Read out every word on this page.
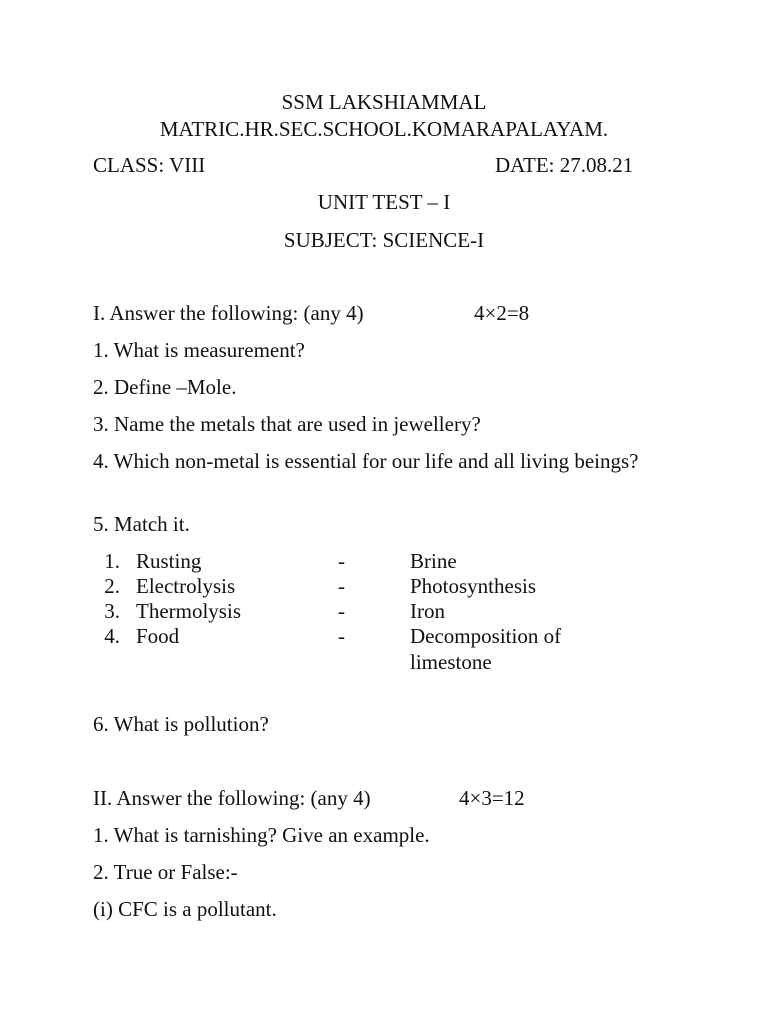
SSM LAKSHIAMMAL
MATRIC.HR.SEC.SCHOOL.KOMARAPALAYAM.
CLASS: VIII	DATE: 27.08.21
UNIT TEST – I
SUBJECT: SCIENCE-I
I. Answer the following: (any 4)	4×2=8
1. What is measurement?
2. Define –Mole.
3. Name the metals that are used in jewellery?
4. Which non-metal is essential for our life and all living beings?
5. Match it.
1. Rusting	-	Brine
2. Electrolysis	-	Photosynthesis
3. Thermolysis	-	Iron
4. Food	-	Decomposition of limestone
6. What is pollution?
II. Answer the following: (any 4)	4×3=12
1. What is tarnishing? Give an example.
2. True or False:-
(i) CFC is a pollutant.
